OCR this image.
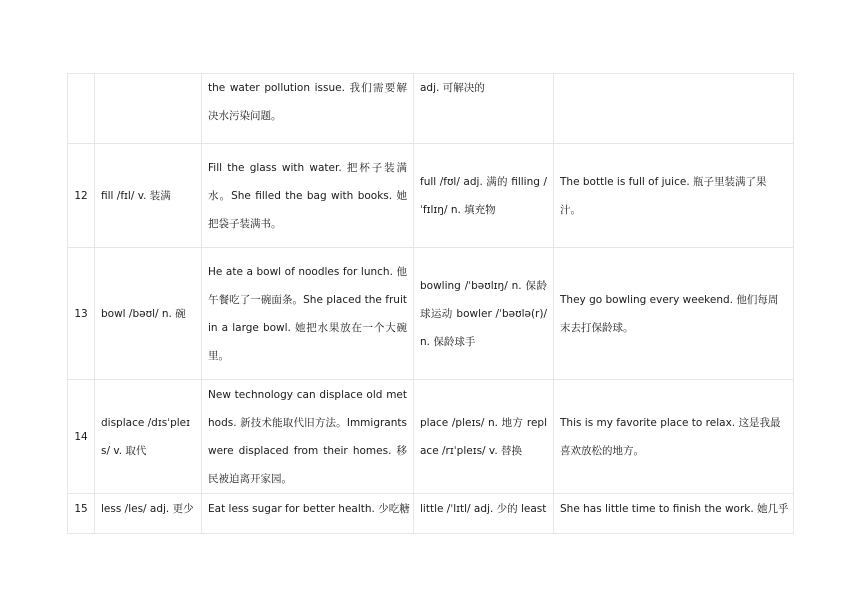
		the water pollution issue. 我们需要解决水污染问题。	adj. 可解决的	
12	fill /fɪl/ v. 装满	Fill the glass with water. 把杯子装满水。She filled the bag with books. 她把袋子装满书。	full /fʊl/ adj. 满的 filling /ˈfɪlɪŋ/ n. 填充物	The bottle is full of juice. 瓶子里装满了果汁。
13	bowl /bəʊl/ n. 碗	He ate a bowl of noodles for lunch. 他午餐吃了一碗面条。She placed the fruit in a large bowl. 她把水果放在一个大碗里。	bowling /ˈbəʊlɪŋ/ n. 保龄球运动 bowler /ˈbəʊlə(r)/ n. 保龄球手	They go bowling every weekend. 他们每周末去打保龄球。
14	displace /dɪsˈpleɪs/ v. 取代	New technology can displace old methods. 新技术能取代旧方法。Immigrants were displaced from their homes. 移民被迫离开家园。	place /pleɪs/ n. 地方 replace /rɪˈpleɪs/ v. 替换	This is my favorite place to relax. 这是我最喜欢放松的地方。
15	less /les/ adj. 更少	Eat less sugar for better health. 少吃糖	little /ˈlɪtl/ adj. 少的 least	She has little time to finish the work. 她几乎
